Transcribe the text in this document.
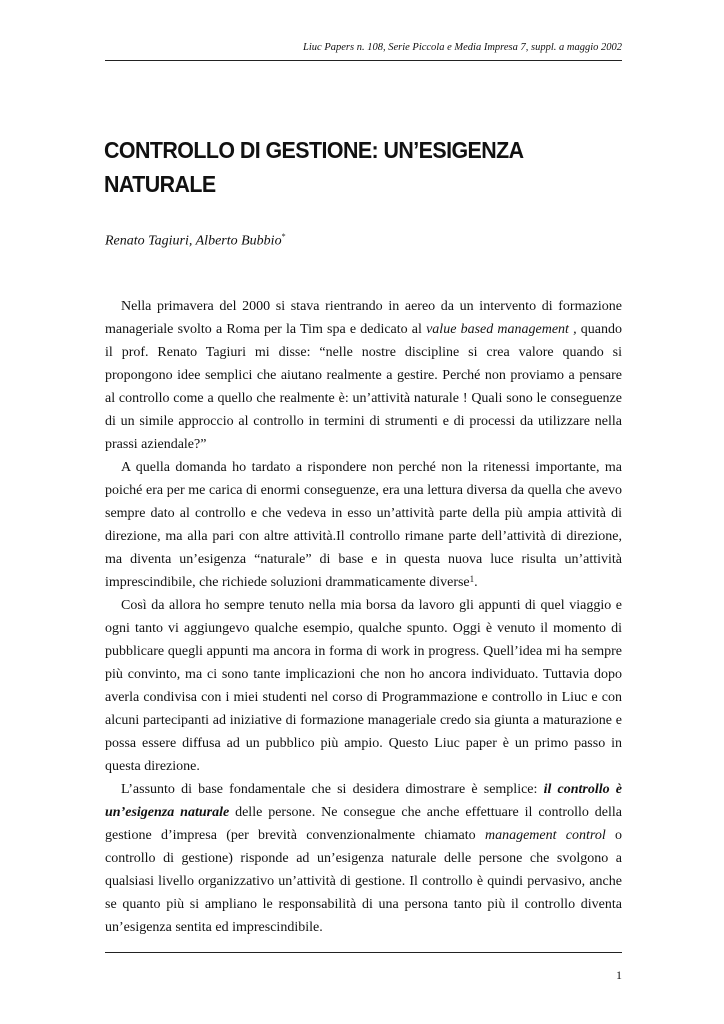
Liuc Papers n. 108, Serie Piccola e Media Impresa 7, suppl. a maggio 2002
CONTROLLO DI GESTIONE: UN’ESIGENZA NATURALE
Renato Tagiuri, Alberto Bubbio*

Nella primavera del 2000 si stava rientrando in aereo da un intervento di formazione manageriale svolto a Roma per la Tim spa e dedicato al value based management , quando il prof. Renato Tagiuri mi disse: “nelle nostre discipline si crea valore quando si propongono idee semplici che aiutano realmente a gestire. Perché non proviamo a pensare al controllo come a quello che realmente è: un’attività naturale ! Quali sono le conseguenze di un simile approccio al controllo in termini di strumenti e di processi da utilizzare nella prassi aziendale?”

A quella domanda ho tardato a rispondere non perché non la ritenessi importante, ma poiché era per me carica di enormi conseguenze, era una lettura diversa da quella che avevo sempre dato al controllo e che vedeva in esso un’attività parte della più ampia attività di direzione, ma alla pari con altre attività.Il controllo rimane parte dell’attività di direzione, ma diventa un’esigenza “naturale” di base e in questa nuova luce risulta un’attività imprescindibile, che richiede soluzioni drammaticamente diverse$^1$.

Così da allora ho sempre tenuto nella mia borsa da lavoro gli appunti di quel viaggio e ogni tanto vi aggiungevo qualche esempio, qualche spunto. Oggi è venuto il momento di pubblicare quegli appunti ma ancora in forma di work in progress. Quell’idea mi ha sempre più convinto, ma ci sono tante implicazioni che non ho ancora individuato. Tuttavia dopo averla condivisa con i miei studenti nel corso di Programmazione e controllo in Liuc e con alcuni partecipanti ad iniziative di formazione manageriale credo sia giunta a maturazione e possa essere diffusa ad un pubblico più ampio. Questo Liuc paper è un primo passo in questa direzione.

L’assunto di base fondamentale che si desidera dimostrare è semplice: il controllo è un’esigenza naturale delle persone. Ne consegue che anche effettuare il controllo della gestione d’impresa (per brevità convenzionalmente chiamato management control o controllo di gestione) risponde ad un’esigenza naturale delle persone che svolgono a qualsiasi livello organizzativo un’attività di gestione. Il controllo è quindi pervasivo, anche se quanto più si ampliano le responsabilità di una persona tanto più il controllo diventa un’esigenza sentita ed imprescindibile.

1
